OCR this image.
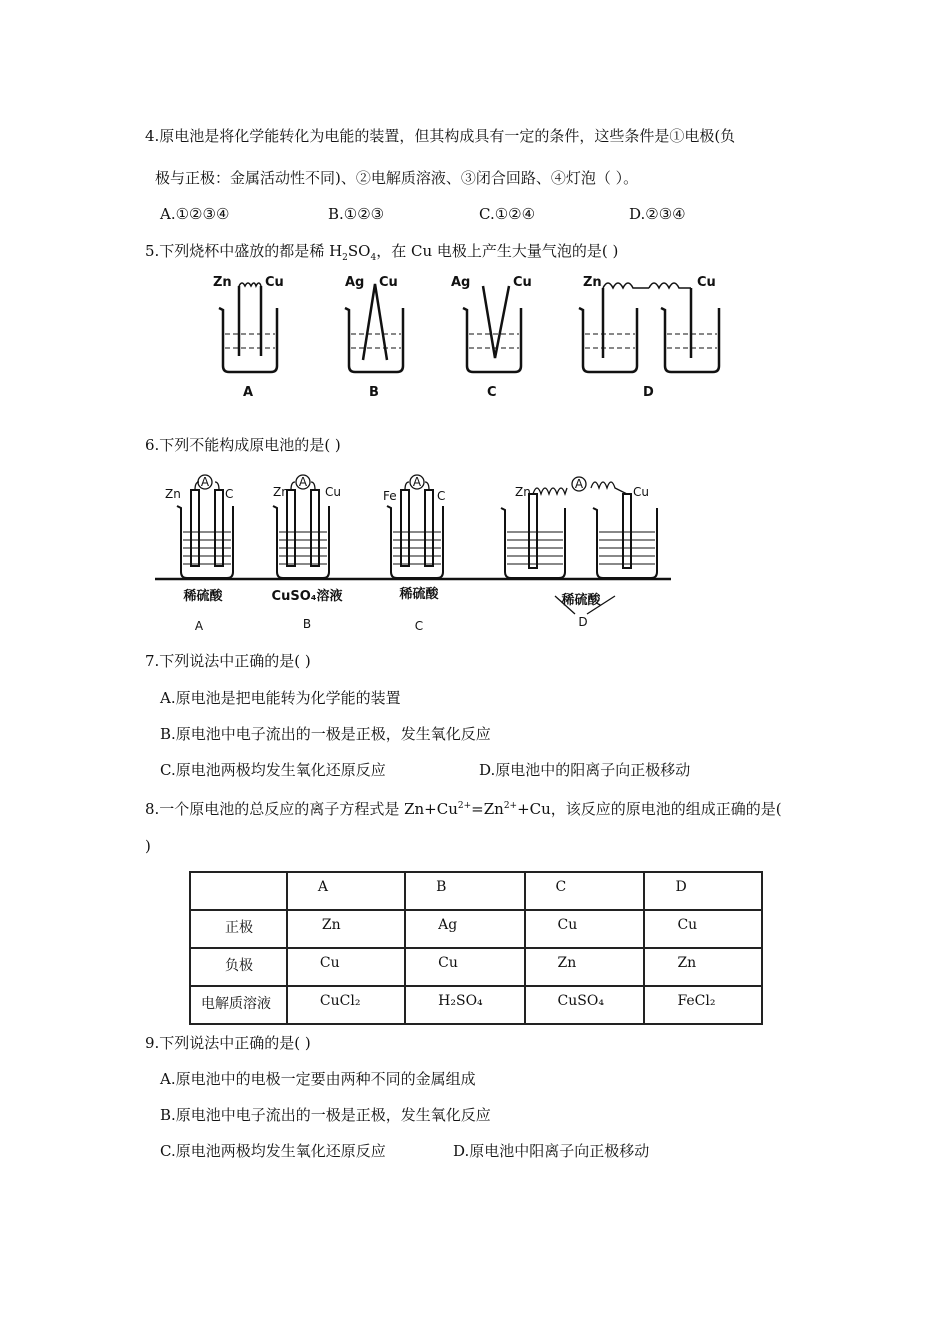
4.原电池是将化学能转化为电能的装置，但其构成具有一定的条件，这些条件是①电极(负
极与正极：金属活动性不同)、②电解质溶液、③闭合回路、④灯泡（ ）。
A.①②③④	B.①②③	C.①②④	D.②③④
5.下列烧杯中盛放的都是稀 $H_2SO_4$，在 Cu 电极上产生大量气泡的是( )
Zn	Cu	Ag Cu	Ag	Cu	Zn	Cu
A	B	C	D
6.下列不能构成原电池的是( )
A	A	A	A
Zn	C	Zn	Cu	Fe	C	Zn	Cu
稀硫酸	CuSO₄溶液	稀硫酸	稀硫酸
A	B	C	D
7.下列说法中正确的是( )
A.原电池是把电能转为化学能的装置
B.原电池中电子流出的一极是正极，发生氧化反应
C.原电池两极均发生氧化还原反应	D.原电池中的阳离子向正极移动
8.一个原电池的总反应的离子方程式是 $Zn+Cu^{2+}=Zn^{2+}+Cu$，该反应的原电池的组成正确的是(
)
	A	B	C	D
正极	Zn	Ag	Cu	Cu
负极	Cu	Cu	Zn	Zn
电解质溶液	CuCl₂	H₂SO₄	CuSO₄	FeCl₂
9.下列说法中正确的是( )
A.原电池中的电极一定要由两种不同的金属组成
B.原电池中电子流出的一极是正极，发生氧化反应
C.原电池两极均发生氧化还原反应	D.原电池中阳离子向正极移动
